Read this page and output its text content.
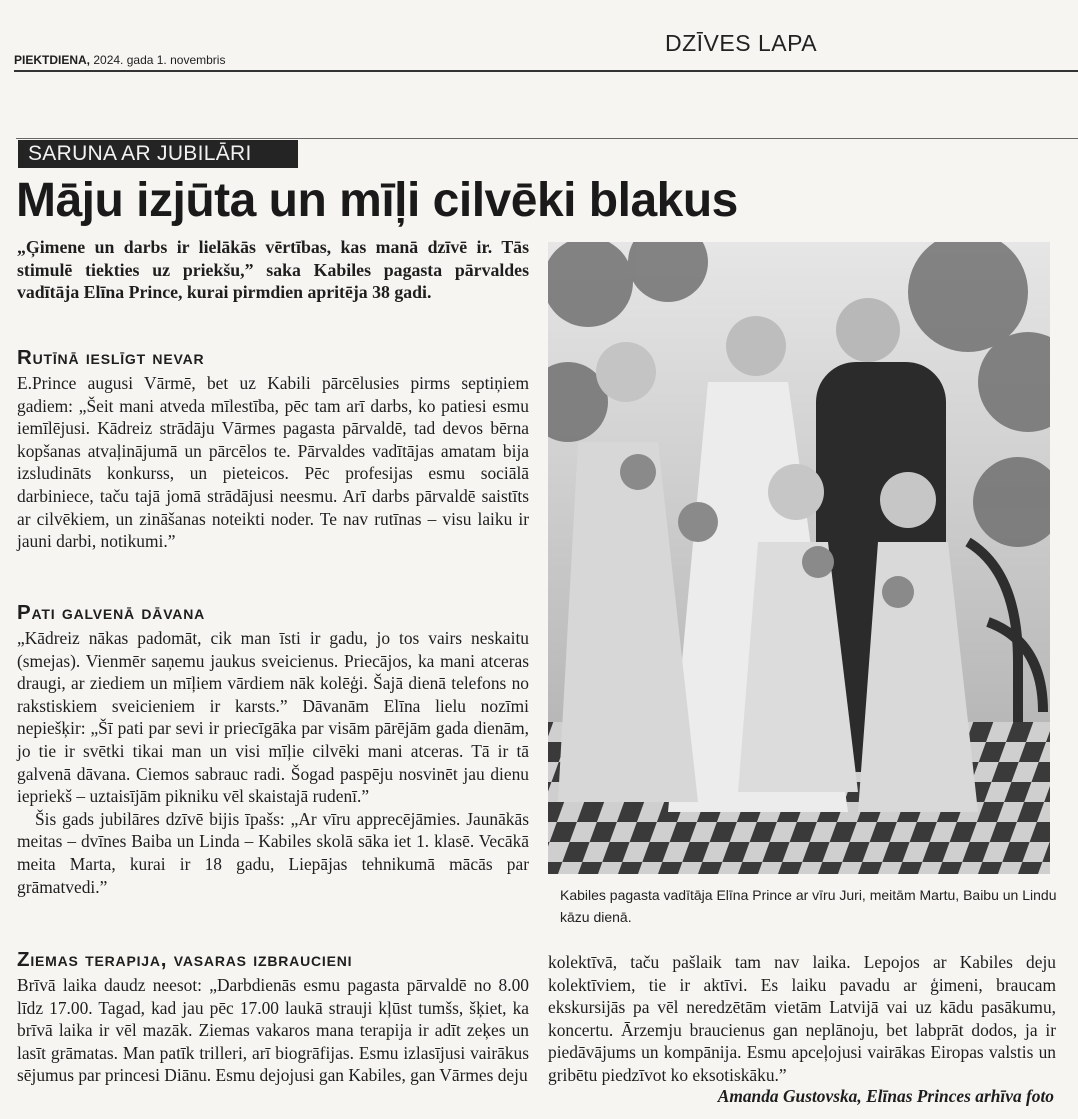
PIEKTDIENA, 2024. gada 1. novembris
DZĪVES LAPA
SARUNA AR JUBILĀRI
Māju izjūta un mīļi cilvēki blakus
„Ģimene un darbs ir lielākās vērtības, kas manā dzīvē ir. Tās stimulē tiekties uz priekšu,” saka Kabiles pagasta pārvaldes vadītāja Elīna Prince, kurai pirmdien apritēja 38 gadi.
Rutīnā ieslīgt nevar

E.Prince augusi Vārmē, bet uz Kabili pārcēlusies pirms septiņiem gadiem: „Šeit mani atveda mīlestība, pēc tam arī darbs, ko patiesi esmu iemīlējusi. Kādreiz strādāju Vārmes pagasta pārvaldē, tad devos bērna kopšanas atvaļinājumā un pārcēlos te. Pārvaldes vadītājas amatam bija izsludināts konkurss, un pieteicos. Pēc profesijas esmu sociālā darbiniece, taču tajā jomā strādājusi neesmu. Arī darbs pārvaldē saistīts ar cilvēkiem, un zināšanas noteikti noder. Te nav rutīnas – visu laiku ir jauni darbi, notikumi.”

Pati galvenā dāvana

„Kādreiz nākas padomāt, cik man īsti ir gadu, jo tos vairs neskaitu (smejas). Vienmēr saņemu jaukus sveicienus. Priecājos, ka mani atceras draugi, ar ziediem un mīļiem vārdiem nāk kolēģi. Šajā dienā telefons no rakstiskiem sveicieniem ir karsts.” Dāvanām Elīna lielu nozīmi nepiešķir: „Šī pati par sevi ir priecīgāka par visām pārējām gada dienām, jo tie ir svētki tikai man un visi mīļie cilvēki mani atceras. Tā ir tā galvenā dāvana. Ciemos sabrauc radi. Šogad paspēju nosvinēt jau dienu iepriekš – uztaisījām pikniku vēl skaistajā rudenī.”

Šis gads jubilāres dzīvē bijis īpašs: „Ar vīru apprecējāmies. Jaunākās meitas – dvīnes Baiba un Linda – Kabiles skolā sāka iet 1. klasē. Vecākā meita Marta, kurai ir 18 gadu, Liepājas tehnikumā mācās par grāmatvedi.”

Ziemas terapija, vasaras izbraucieni

Brīvā laika daudz neesot: „Darbdienās esmu pagasta pārvaldē no 8.00 līdz 17.00. Tagad, kad jau pēc 17.00 laukā strauji kļūst tumšs, šķiet, ka brīvā laika ir vēl mazāk. Ziemas vakaros mana terapija ir adīt zeķes un lasīt grāmatas. Man patīk trilleri, arī biogrāfijas. Esmu izlasījusi vairākus sējumus par princesi Diānu. Esmu dejojusi gan Kabiles, gan Vārmes deju

Kabiles pagasta vadītāja Elīna Prince ar vīru Juri, meitām Martu, Baibu un Lindu kāzu dienā.

kolektīvā, taču pašlaik tam nav laika. Lepojos ar Kabiles deju kolektīviem, tie ir aktīvi. Es laiku pavadu ar ģimeni, braucam ekskursijās pa vēl neredzētām vietām Latvijā vai uz kādu pasākumu, koncertu. Ārzemju braucienus gan neplānoju, bet labprāt dodos, ja ir piedāvājums un kompānija. Esmu apceļojusi vairākas Eiropas valstis un gribētu piedzīvot ko eksotiskāku.”

Amanda Gustovska, Elīnas Princes arhīva foto
